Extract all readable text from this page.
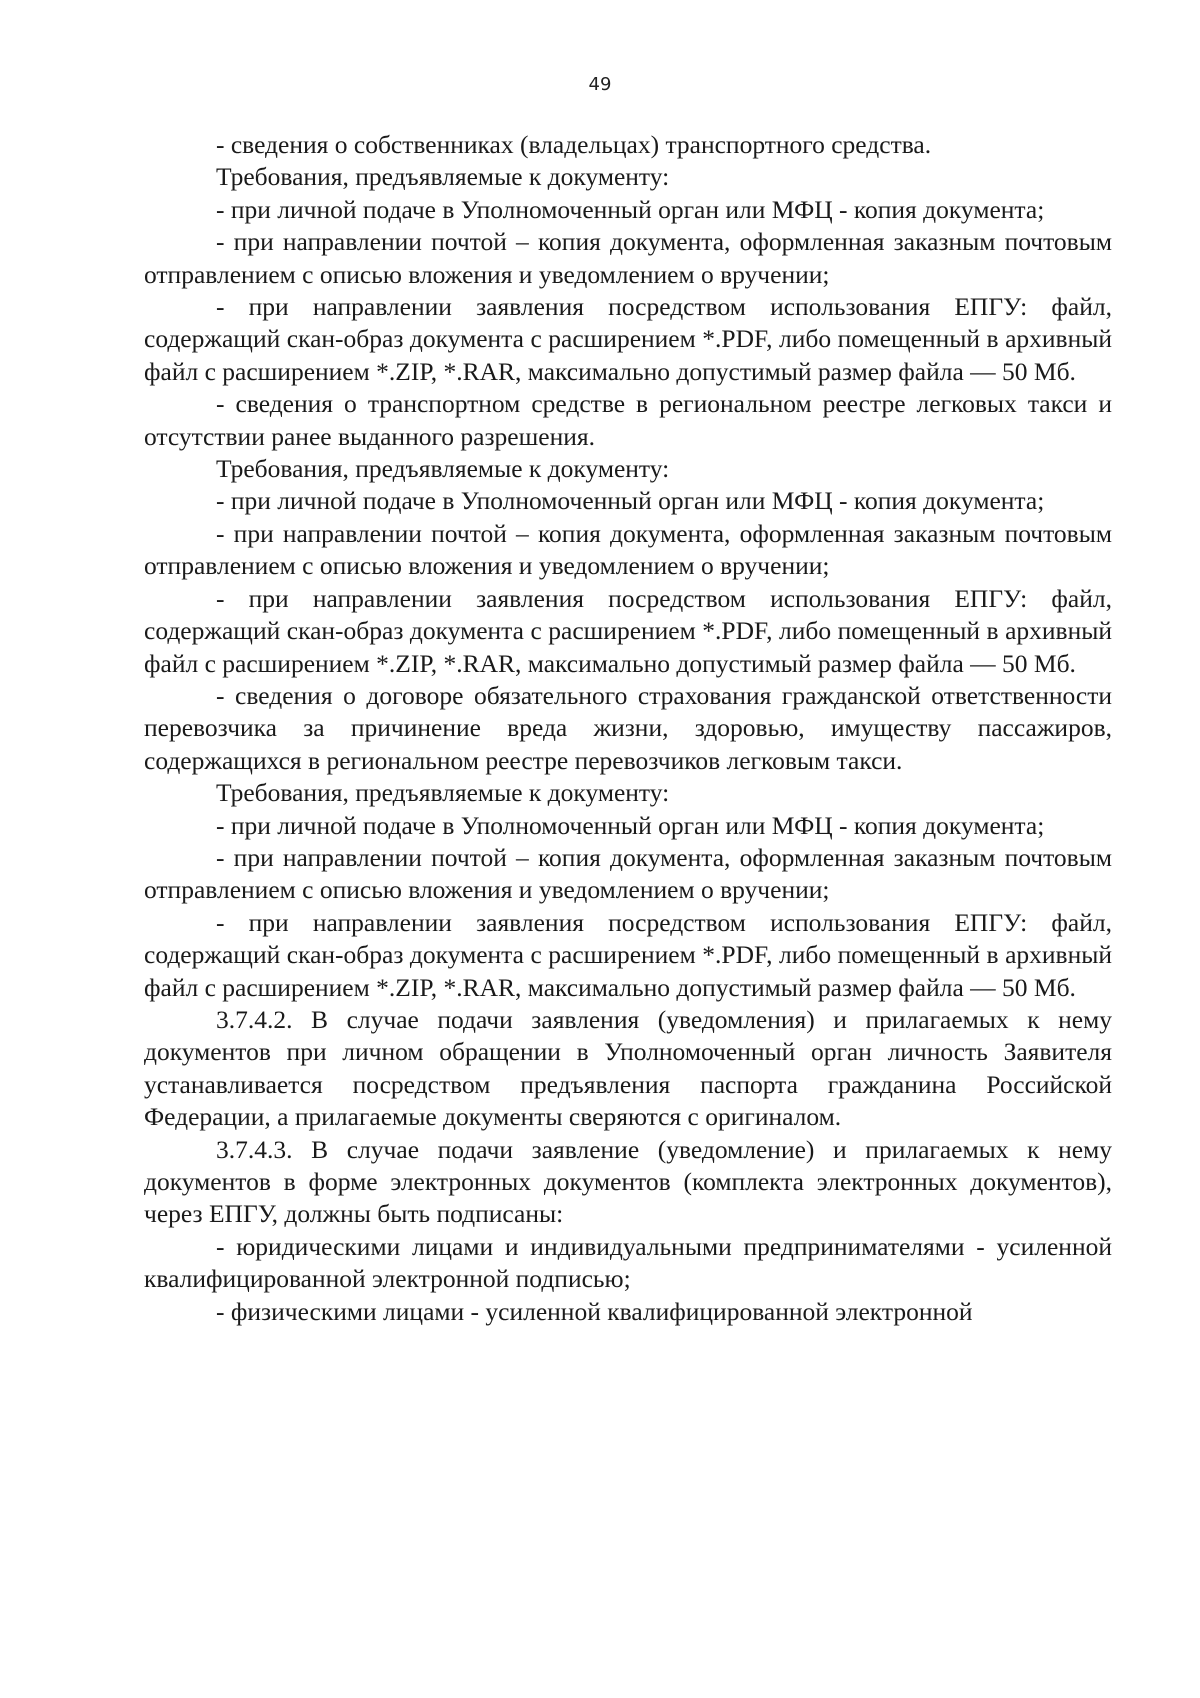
49

- сведения о собственниках (владельцах) транспортного средства.

Требования, предъявляемые к документу:

- при личной подаче в Уполномоченный орган или МФЦ - копия документа;

- при направлении почтой – копия документа, оформленная заказным почтовым отправлением с описью вложения и уведомлением о вручении;

- при направлении заявления посредством использования ЕПГУ: файл, содержащий скан-образ документа с расширением *.PDF, либо помещенный в архивный файл с расширением *.ZIP, *.RAR, максимально допустимый размер файла — 50 Мб.

- сведения о транспортном средстве в региональном реестре легковых такси и отсутствии ранее выданного разрешения.

Требования, предъявляемые к документу:

- при личной подаче в Уполномоченный орган или МФЦ - копия документа;

- при направлении почтой – копия документа, оформленная заказным почтовым отправлением с описью вложения и уведомлением о вручении;

- при направлении заявления посредством использования ЕПГУ: файл, содержащий скан-образ документа с расширением *.PDF, либо помещенный в архивный файл с расширением *.ZIP, *.RAR, максимально допустимый размер файла — 50 Мб.

- сведения о договоре обязательного страхования гражданской ответственности перевозчика за причинение вреда жизни, здоровью, имуществу пассажиров, содержащихся в региональном реестре перевозчиков легковым такси.

Требования, предъявляемые к документу:

- при личной подаче в Уполномоченный орган или МФЦ - копия документа;

- при направлении почтой – копия документа, оформленная заказным почтовым отправлением с описью вложения и уведомлением о вручении;

- при направлении заявления посредством использования ЕПГУ: файл, содержащий скан-образ документа с расширением *.PDF, либо помещенный в архивный файл с расширением *.ZIP, *.RAR, максимально допустимый размер файла — 50 Мб.

3.7.4.2. В случае подачи заявления (уведомления) и прилагаемых к нему документов при личном обращении в Уполномоченный орган личность Заявителя устанавливается посредством предъявления паспорта гражданина Российской Федерации, а прилагаемые документы сверяются с оригиналом.

3.7.4.3. В случае подачи заявление (уведомление) и прилагаемых к нему документов в форме электронных документов (комплекта электронных документов), через ЕПГУ, должны быть подписаны:

- юридическими лицами и индивидуальными предпринимателями - усиленной квалифицированной электронной подписью;

- физическими лицами - усиленной квалифицированной электронной
